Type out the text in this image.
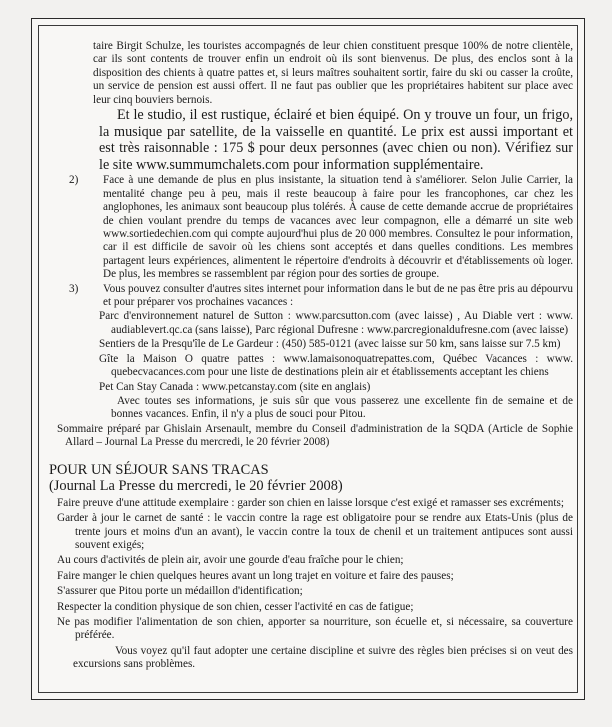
taire Birgit Schulze, les touristes accompagnés de leur chien constituent presque 100% de notre clientèle, car ils sont contents de trouver enfin un endroit où ils sont bienvenus. De plus, des enclos sont à la disposition des chients à quatre pattes et, si leurs maîtres souhaitent sortir, faire du ski ou casser la croûte, un service de pension est aussi offert. Il ne faut pas oublier que les propriétaires habitent sur place avec leur cinq bouviers bernois.

Et le studio, il est rustique, éclairé et bien équipé. On y trouve un four, un frigo, la musique par satellite, de la vaisselle en quantité. Le prix est aussi important et est très raisonnable : 175 $ pour deux personnes (avec chien ou non). Vérifiez sur le site www.summumchalets.com pour information supplémentaire.

2)	Face à une demande de plus en plus insistante, la situation tend à s'améliorer. Selon Julie Carrier, la mentalité change peu à peu, mais il reste beaucoup à faire pour les francophones, car chez les anglophones, les animaux sont beaucoup plus tolérés. À cause de cette demande accrue de propriétaires de chien voulant prendre du temps de vacances avec leur compagnon, elle a démarré un site web www.sortiedechien.com qui compte aujourd'hui plus de 20 000 membres. Consultez le pour information, car il est difficile de savoir où les chiens sont acceptés et dans quelles conditions. Les membres partagent leurs expériences, alimentent le répertoire d'endroits à découvrir et d'établissements où loger. De plus, les membres se rassemblent par région pour des sorties de groupe.

3)	Vous pouvez consulter d'autres sites internet pour information dans le but de ne pas être pris au dépourvu et pour préparer vos prochaines vacances :

Parc d'environnement naturel de Sutton : www.parcsutton.com (avec laisse) , Au Diable vert : www. audiablevert.qc.ca (sans laisse), Parc régional Dufresne : www.parcregionaldufresne.com (avec laisse)

Sentiers de la Presqu'île de Le Gardeur : (450) 585-0121 (avec laisse sur 50 km, sans laisse sur 7.5 km)

Gîte la Maison O quatre pattes : www.lamaisonoquatrepattes.com, Québec Vacances : www. quebecvacances.com pour une liste de destinations plein air et établissements acceptant les chiens

Pet Can Stay Canada : www.petcanstay.com (site en anglais)

Avec toutes ses informations, je suis sûr que vous passerez une excellente fin de semaine et de bonnes vacances. Enfin, il n'y a plus de souci pour Pitou.

Sommaire préparé par Ghislain Arsenault, membre du Conseil d'administration de la SQDA (Article de Sophie Allard – Journal La Presse du mercredi, le 20 février 2008)

POUR UN SÉJOUR SANS TRACAS

(Journal La Presse du mercredi, le 20 février 2008)

Faire preuve d'une attitude exemplaire : garder son chien en laisse lorsque c'est exigé et ramasser ses excréments;

Garder à jour le carnet de santé : le vaccin contre la rage est obligatoire pour se rendre aux Etats-Unis (plus de trente jours et moins d'un an avant), le vaccin contre la toux de chenil et un traitement antipuces sont aussi souvent exigés;

Au cours d'activités de plein air, avoir une gourde d'eau fraîche pour le chien;

Faire manger le chien quelques heures avant un long trajet en voiture et faire des pauses;

S'assurer que Pitou porte un médaillon d'identification;

Respecter la condition physique de son chien, cesser l'activité en cas de fatigue;

Ne pas modifier l'alimentation de son chien, apporter sa nourriture, son écuelle et, si nécessaire, sa couverture préférée.

Vous voyez qu'il faut adopter une certaine discipline et suivre des règles bien précises si on veut des excursions sans problèmes.
